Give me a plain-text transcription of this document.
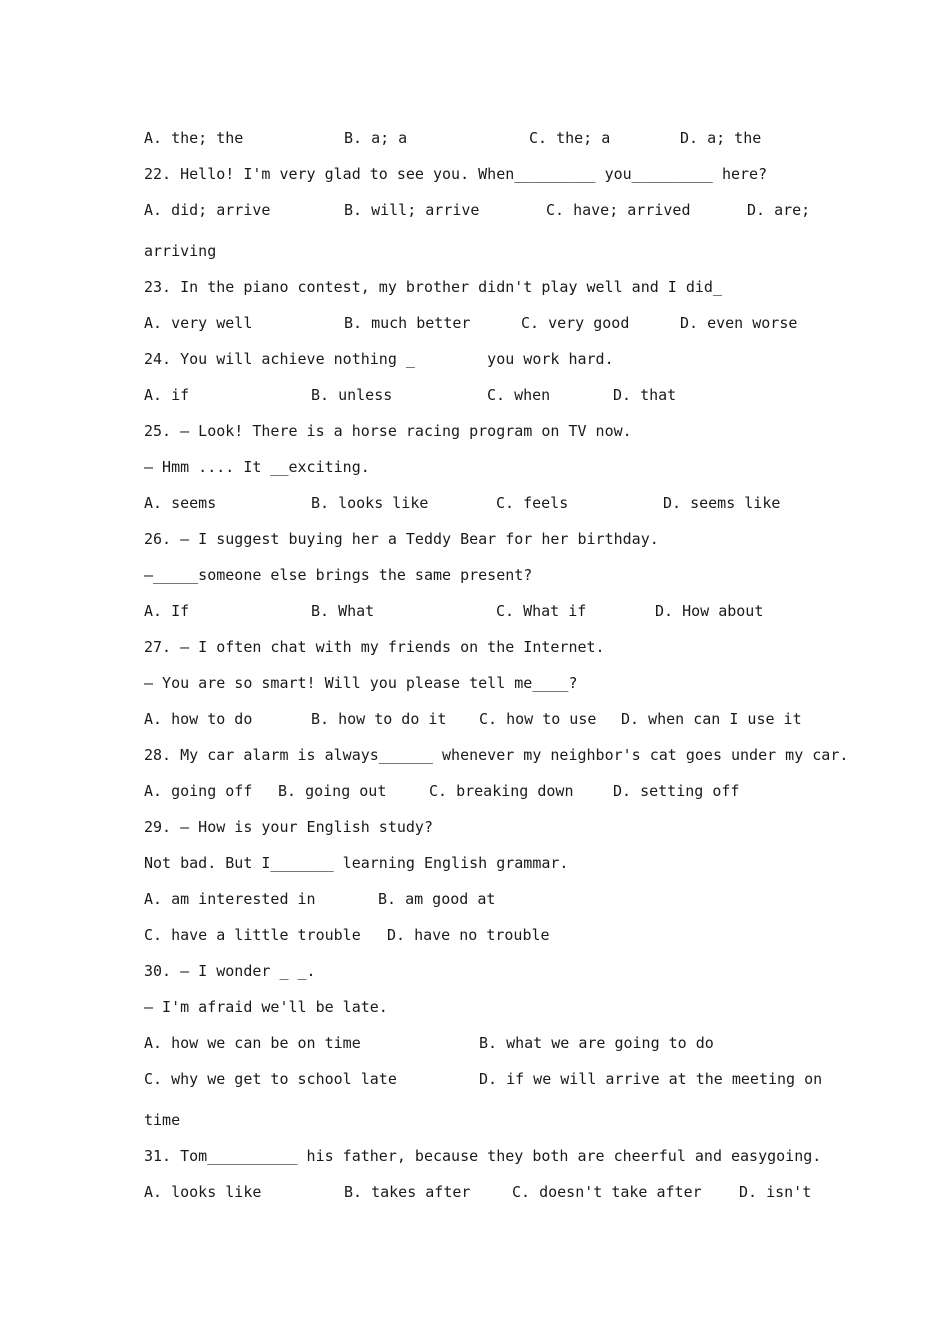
A. the; the	B. a; a	C. the; a	D. a; the
22. Hello! I'm very glad to see you. When_________ you_________ here?
A. did; arrive	B. will; arrive	C. have; arrived	D. are;
arriving
23. In the piano contest, my brother didn't play well and I did_
A. very well	B. much better	C. very good	D. even worse
24. You will achieve nothing _        you work hard.
A. if	B. unless	C. when	D. that
25. — Look! There is a horse racing program on TV now.
— Hmm .... It __exciting.
A. seems	B. looks like	C. feels	D. seems like
26. — I suggest buying her a Teddy Bear for her birthday.
—_____someone else brings the same present?
A. If	B. What	C. What if	D. How about
27. — I often chat with my friends on the Internet.
— You are so smart! Will you please tell me____?
A. how to do	B. how to do it C. how to use D. when can I use it
28. My car alarm is always______ whenever my neighbor's cat goes under my car.
A. going off B. going out	C. breaking down	D. setting off
29. — How is your English study?
Not bad. But I_______ learning English grammar.
A. am interested in	B. am good at
C. have a little trouble D. have no trouble
30. — I wonder _ _.
— I'm afraid we'll be late.
A. how we can be on time	B. what we are going to do
C. why we get to school late	D. if we will arrive at the meeting on
time
31. Tom__________ his father, because they both are cheerful and easygoing.
A. looks like	B. takes after	C. doesn't take after D. isn't
